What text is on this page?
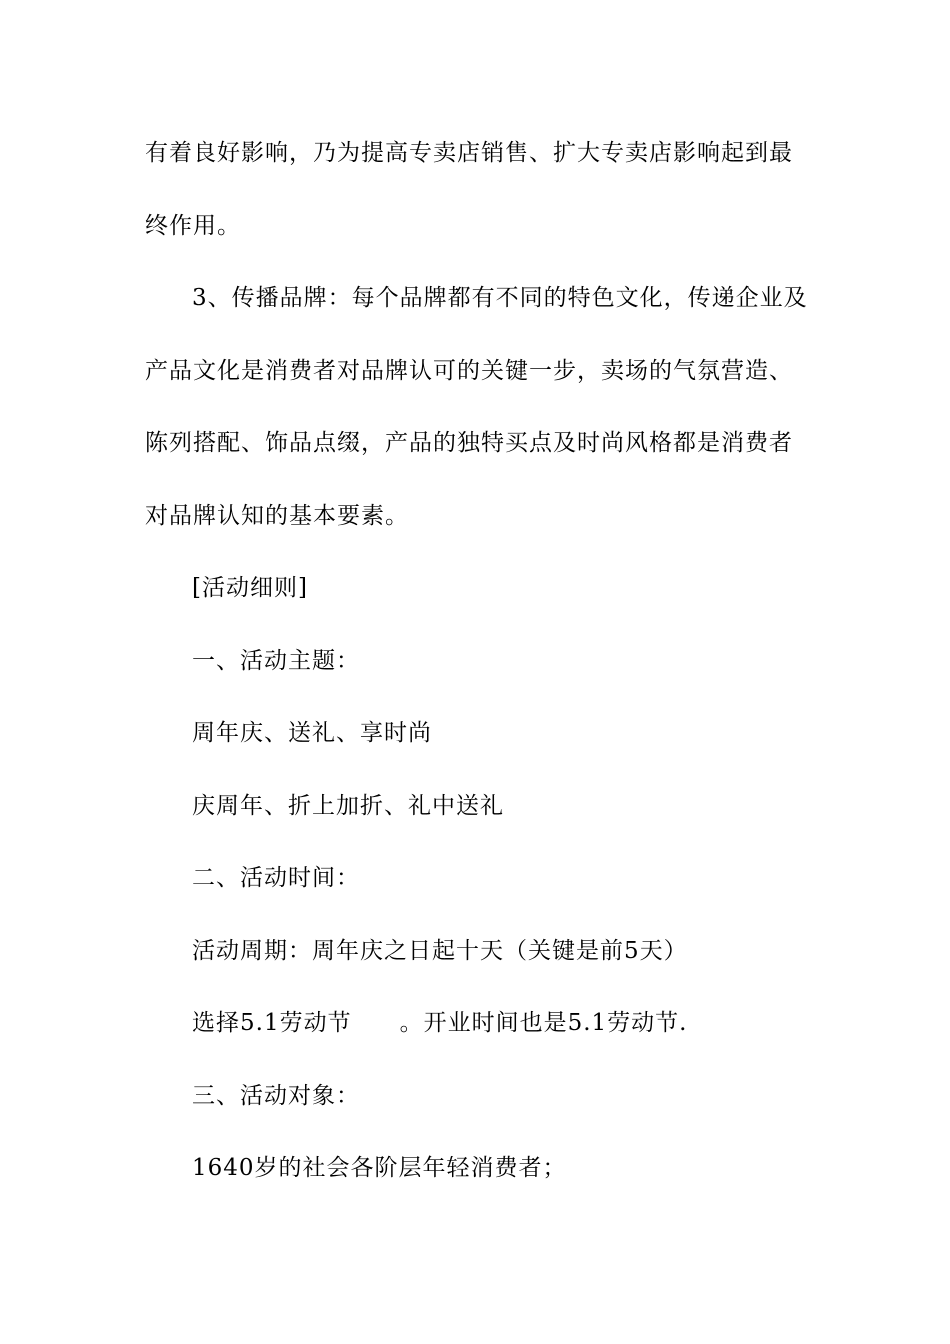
有着良好影响，乃为提高专卖店销售、扩大专卖店影响起到最
终作用。
3、传播品牌：每个品牌都有不同的特色文化，传递企业及
产品文化是消费者对品牌认可的关键一步，卖场的气氛营造、
陈列搭配、饰品点缀，产品的独特买点及时尚风格都是消费者
对品牌认知的基本要素。
[活动细则]
一、活动主题：
周年庆、送礼、享时尚
庆周年、折上加折、礼中送礼
二、活动时间：
活动周期：周年庆之日起十天（关键是前5天）
选择5.1劳动节　　。开业时间也是5.1劳动节.
三、活动对象：
1640岁的社会各阶层年轻消费者；
